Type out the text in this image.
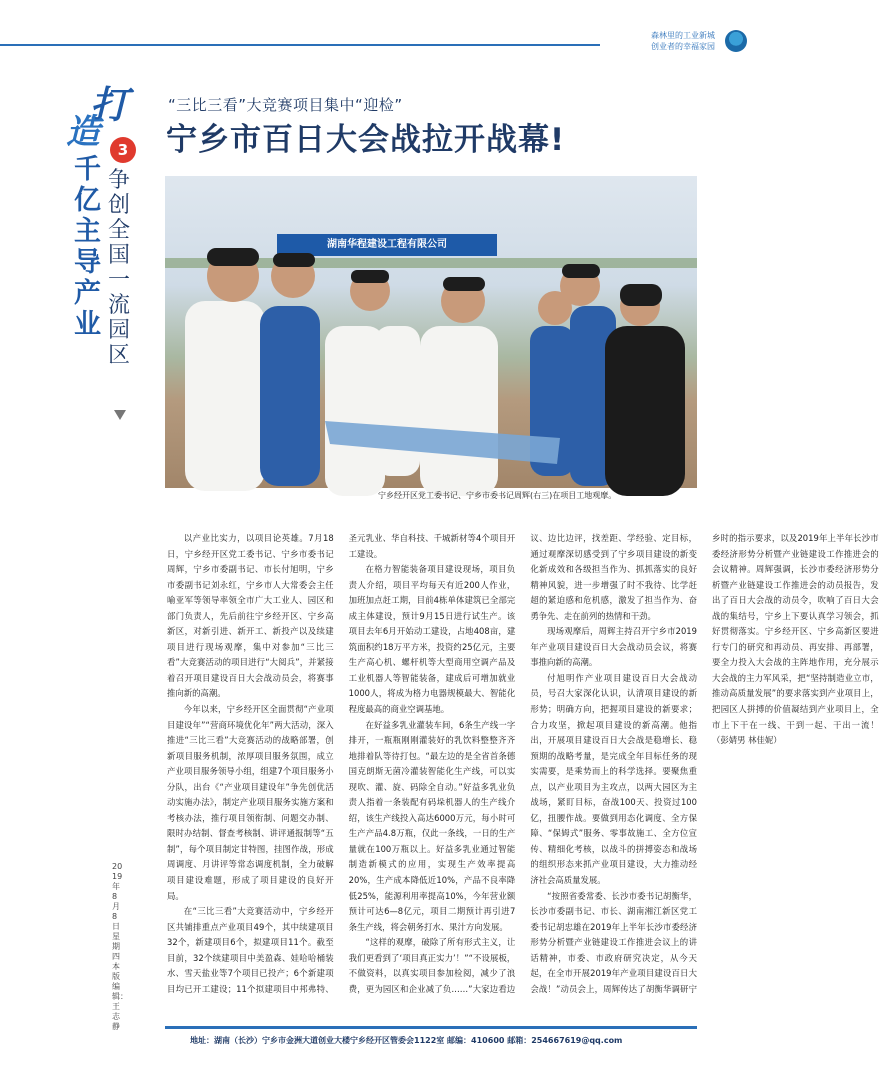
森林里的工业新城
创业者的幸福家园
打
造
千亿主导产业
3
争创全国一流园区
“三比三看”大竞赛项目集中“迎检”
宁乡市百日大会战拉开战幕!
湖南华程建设工程有限公司
宁乡经开区党工委书记、宁乡市委书记周辉(右三)在项目工地观摩。

以产业比实力，以项目论英雄。7月18日，宁乡经开区党工委书记、宁乡市委书记周辉，宁乡市委副书记、市长付旭明，宁乡市委副书记刘永红，宁乡市人大常委会主任喻亚军等领导率领全市广大工业人、园区和部门负责人，先后前往宁乡经开区、宁乡高新区，对新引进、新开工、新投产以及续建项目进行现场观摩，集中对参加“三比三看”大竞赛活动的项目进行“大阅兵”，并紧接着召开项目建设百日大会战动员会，将赛事推向新的高潮。

今年以来，宁乡经开区全面贯彻“产业项目建设年”“营商环境优化年”两大活动，深入推进“三比三看”大竞赛活动的战略部署，创新项目服务机制，浓厚项目服务氛围，成立产业项目服务领导小组，组建7个项目服务小分队，出台《“产业项目建设年”争先创优活动实施办法》，制定产业项目服务实施方案和考核办法，推行项目领衔制、问题交办制、限时办结制、督查考核制、讲评通报制等“五制”，每个项目制定甘特图，挂图作战，形成周调度、月讲评等常态调度机制，全力破解项目建设难题，形成了项目建设的良好开局。

在“三比三看”大竞赛活动中，宁乡经开区共铺排重点产业项目49个，其中续建项目32个，新建项目6个，拟建项目11个。截至目前，32个续建项目中美盈森、娃哈哈桶装水、雪天盐业等7个项目已投产；6个新建项目均已开工建设；11个拟建项目中邦弗特、圣元乳业、华自科技、千城新材等4个项目开工建设。

在格力智能装备项目建设现场，项目负责人介绍，项目平均每天有近200人作业，加班加点赶工期，目前4栋单体建筑已全部完成主体建设，预计9月15日进行试生产。该项目去年6月开始动工建设，占地408亩，建筑面积约18万平方米，投资约25亿元，主要生产高心机、螺杆机等大型商用空调产品及工业机器人等智能装备，建成后可增加就业1000人，将成为格力电器规模最大、智能化程度最高的商业空调基地。

在好益多乳业灌装车间，6条生产线一字排开，一瓶瓶刚刚灌装好的乳饮料整整齐齐地排着队等待打包。“最左边的是全省首条德国克朗斯无菌冷灌装智能化生产线，可以实现吹、灌、旋、码除全自动。”好益多乳业负责人指着一条装配有码垛机器人的生产线介绍，该生产线投入高达6000万元，每小时可生产产品4.8万瓶，仅此一条线，一日的生产量就在100万瓶以上。好益多乳业通过智能制造新模式的应用，实现生产效率提高20%，生产成本降低近10%，产品不良率降低25%，能源利用率提高10%，今年营业额预计可达6—8亿元，项目二期预计再引进7条生产线，将会朝务打水、果汁方向发展。

“这样的观摩，破除了所有形式主义，让我们更看到了‘项目真正实力’！”“不设展板，不做资料，以真实项目参加检阅，减少了浪费，更为园区和企业减了负……”大家边看边议、边比边评，找差距、学经验、定目标，通过观摩深切感受到了宁乡项目建设的新变化新成效和各级担当作为、抓抓落实的良好精神风貌，进一步增强了时不我待、比学赶超的紧迫感和危机感，激发了担当作为、奋勇争先、走在前列的热情和干劲。

现场观摩后，周辉主持召开宁乡市2019年产业项目建设百日大会战动员会议，将赛事推向新的高潮。

付旭明作产业项目建设百日大会战动员，号召大家深化认识，认清项目建设的新形势；明确方向，把握项目建设的新要求；合力攻坚，掀起项目建设的新高潮。他指出，开展项目建设百日大会战是稳增长、稳预期的战略考量，是完成全年目标任务的现实需要，是乘势而上的科学选择。要聚焦重点，以产业项目为主攻点，以两大园区为主战场，紧盯目标，奋战100天、投资过100亿，扭腰作战。要做到用态化调度、全方保障、“保姆式”服务、零事故施工、全方位宣传、精细化考核，以战斗的拼搏姿态和战场的组织形态来抓产业项目建设，大力推动经济社会高质量发展。

“按照省委常委、长沙市委书记胡衡华，长沙市委副书记、市长、湖南湘江新区党工委书记胡忠雄在2019年上半年长沙市委经济形势分析暨产业链建设工作推进会议上的讲话精神，市委、市政府研究决定，从今天起，在全市开展2019年产业项目建设百日大会战！”动员会上，周辉传达了胡衡华调研宁乡时的指示要求，以及2019年上半年长沙市委经济形势分析暨产业链建设工作推进会的会议精神。周辉强调，长沙市委经济形势分析暨产业链建设工作推进会的动员报告，发出了百日大会战的动员令，吹响了百日大会战的集结号，宁乡上下要认真学习领会，抓好贯彻落实。宁乡经开区、宁乡高新区要进行专门的研究和再动员、再安排、再部署，要全力投入大会战的主阵地作用，充分展示大会战的主力军风采，把“坚持制造业立市，推动高质量发展”的要求落实到产业项目上，把园区人拼搏的价值凝结到产业项目上，全市上下干在一线、干到一起、干出一流！（彭婧男 林佳妮）

2019年8月8日 星期四 本版编辑：王志静
地址：湖南（长沙）宁乡市金洲大道创业大楼宁乡经开区管委会1122室 邮编：410600 邮箱：254667619@qq.com
